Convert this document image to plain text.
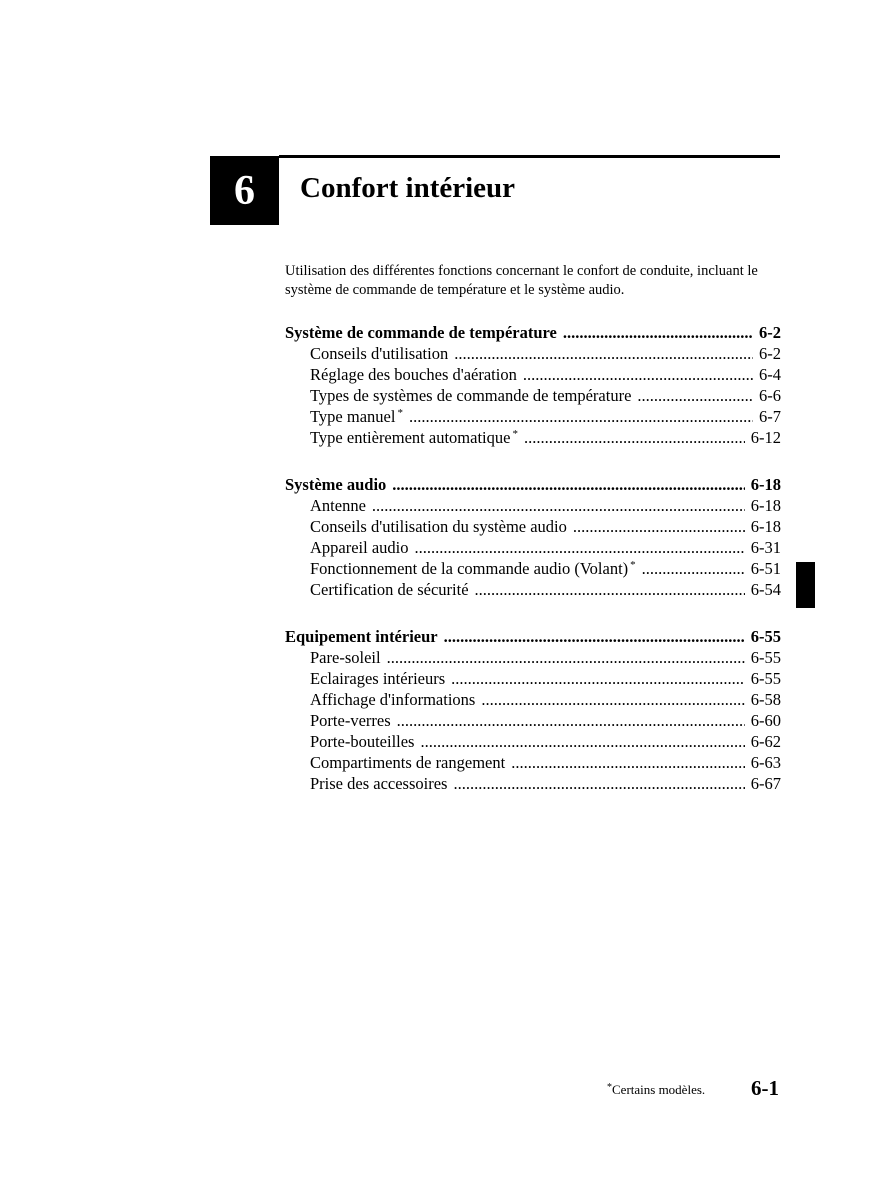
6 Confort intérieur
Utilisation des différentes fonctions concernant le confort de conduite, incluant le système de commande de température et le système audio.
Système de commande de température .....	6-2
Conseils d'utilisation .....	6-2
Réglage des bouches d'aération .....	6-4
Types de systèmes de commande de température .....	6-6
Type manuel * .....	6-7
Type entièrement automatique * .....	6-12
Système audio .....	6-18
Antenne .....	6-18
Conseils d'utilisation du système audio .....	6-18
Appareil audio .....	6-31
Fonctionnement de la commande audio (Volant) * .....	6-51
Certification de sécurité .....	6-54
Equipement intérieur .....	6-55
Pare-soleil .....	6-55
Eclairages intérieurs .....	6-55
Affichage d'informations .....	6-58
Porte-verres .....	6-60
Porte-bouteilles .....	6-62
Compartiments de rangement .....	6-63
Prise des accessoires .....	6-67
*Certains modèles. 6-1
